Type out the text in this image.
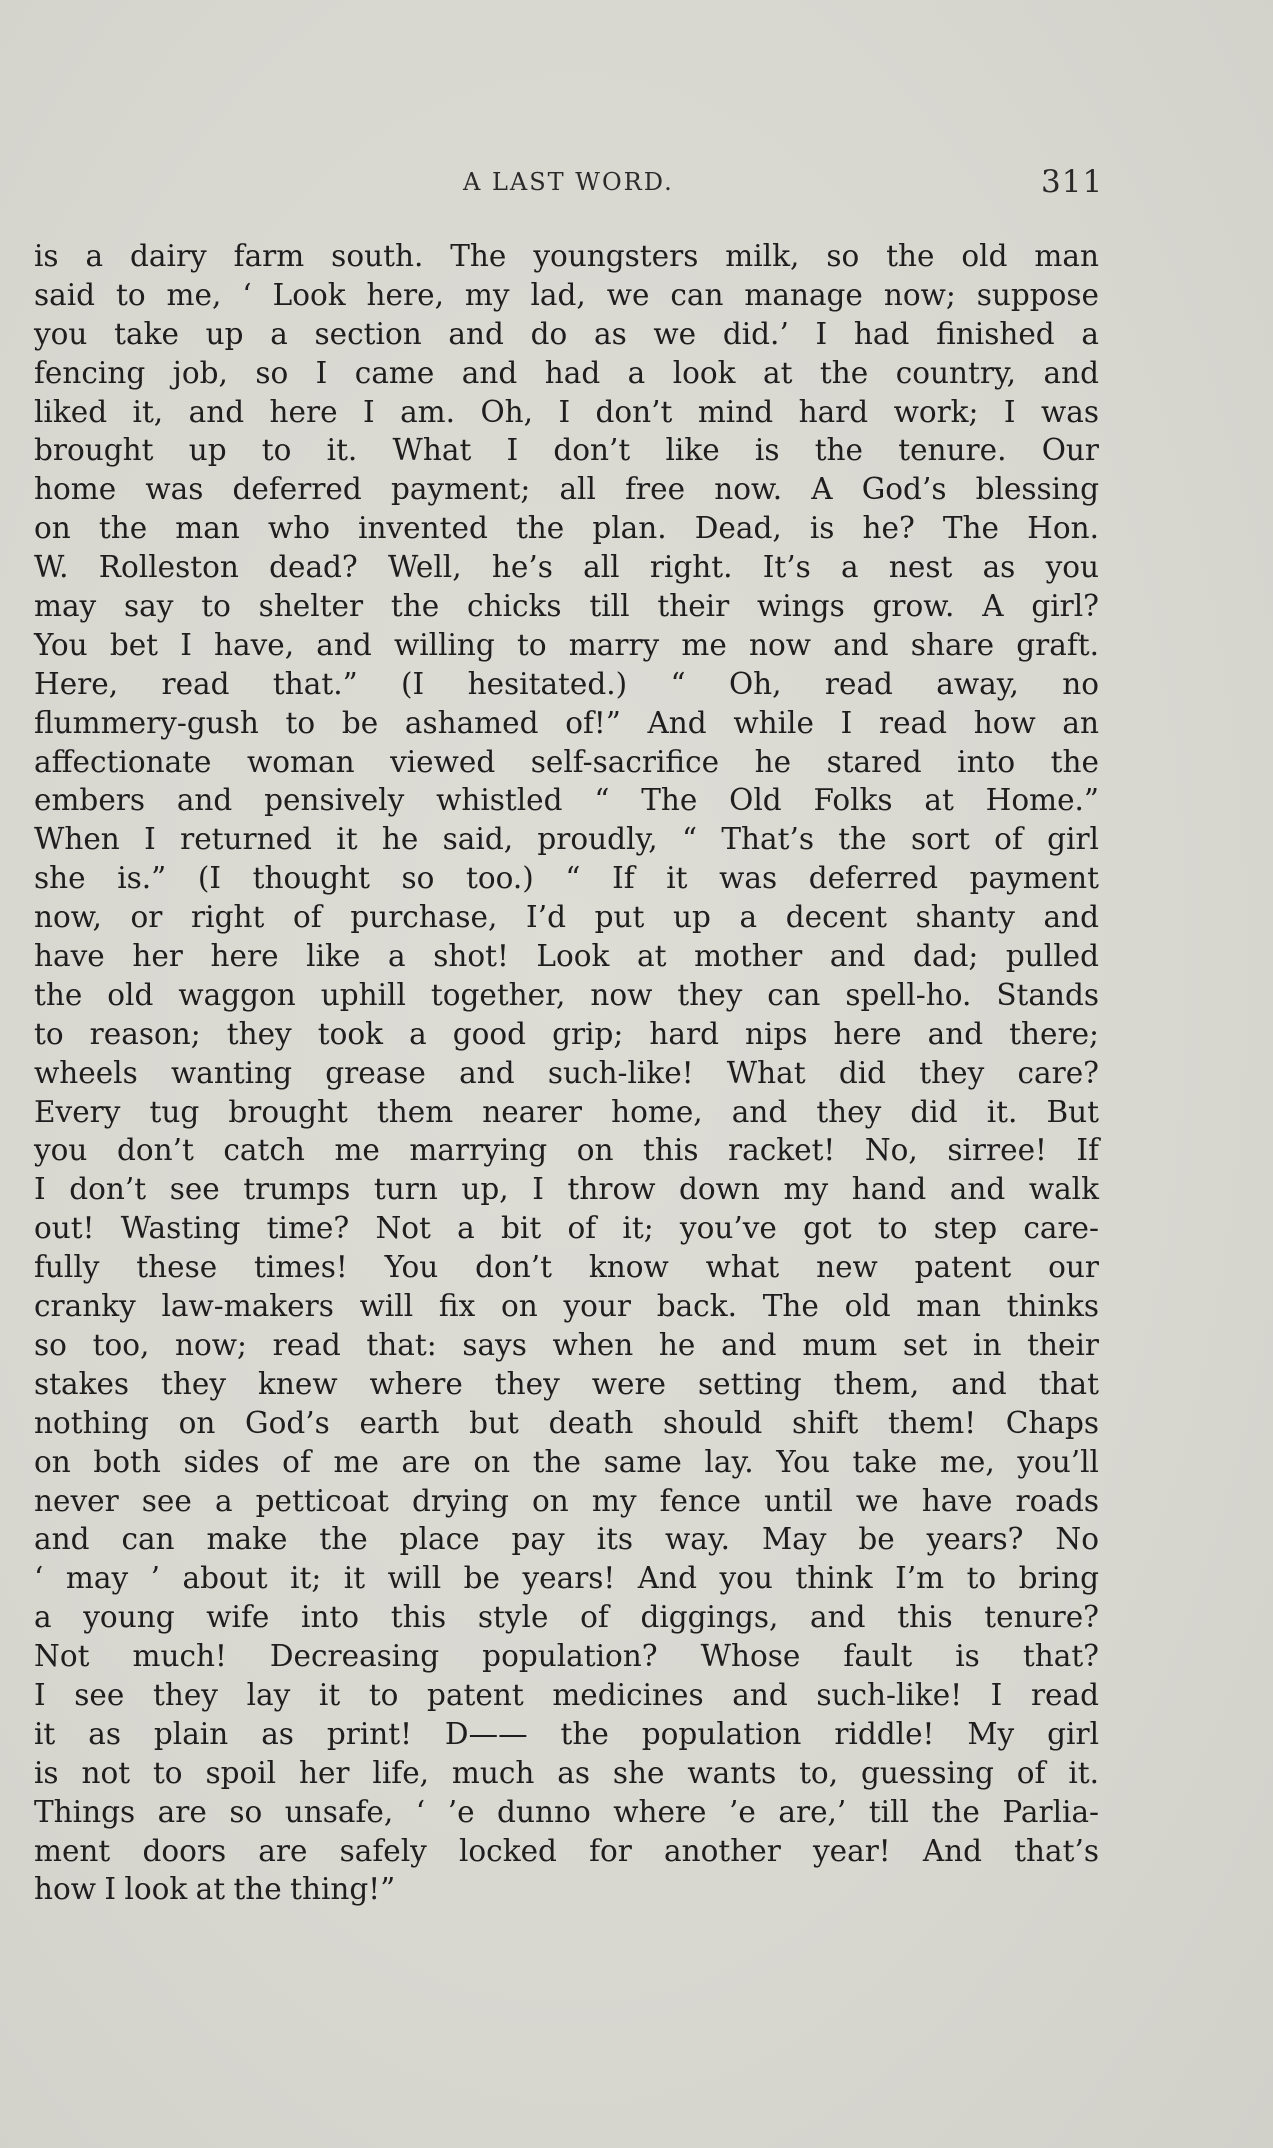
A LAST WORD.	311
is a dairy farm south. The youngsters milk, so the old man
said to me, ‘ Look here, my lad, we can manage now; suppose
you take up a section and do as we did.’ I had finished a
fencing job, so I came and had a look at the country, and
liked it, and here I am. Oh, I don’t mind hard work; I was
brought up to it. What I don’t like is the tenure. Our
home was deferred payment; all free now. A God’s blessing
on the man who invented the plan. Dead, is he? The Hon.
W. Rolleston dead? Well, he’s all right. It’s a nest as you
may say to shelter the chicks till their wings grow. A girl?
You bet I have, and willing to marry me now and share graft.
Here, read that.” (I hesitated.) “ Oh, read away, no
flummery-gush to be ashamed of!” And while I read how an
affectionate woman viewed self-sacrifice he stared into the
embers and pensively whistled “ The Old Folks at Home.”
When I returned it he said, proudly, “ That’s the sort of girl
she is.” (I thought so too.) “ If it was deferred payment
now, or right of purchase, I’d put up a decent shanty and
have her here like a shot! Look at mother and dad; pulled
the old waggon uphill together, now they can spell-ho. Stands
to reason; they took a good grip; hard nips here and there;
wheels wanting grease and such-like! What did they care?
Every tug brought them nearer home, and they did it. But
you don’t catch me marrying on this racket! No, sirree! If
I don’t see trumps turn up, I throw down my hand and walk
out! Wasting time? Not a bit of it; you’ve got to step care-
fully these times! You don’t know what new patent our
cranky law-makers will fix on your back. The old man thinks
so too, now; read that: says when he and mum set in their
stakes they knew where they were setting them, and that
nothing on God’s earth but death should shift them! Chaps
on both sides of me are on the same lay. You take me, you’ll
never see a petticoat drying on my fence until we have roads
and can make the place pay its way. May be years? No
‘ may ’ about it; it will be years! And you think I’m to bring
a young wife into this style of diggings, and this tenure?
Not much! Decreasing population? Whose fault is that?
I see they lay it to patent medicines and such-like! I read
it as plain as print! D—— the population riddle! My girl
is not to spoil her life, much as she wants to, guessing of it.
Things are so unsafe, ‘ ’e dunno where ’e are,’ till the Parlia-
ment doors are safely locked for another year! And that’s
how I look at the thing!”
